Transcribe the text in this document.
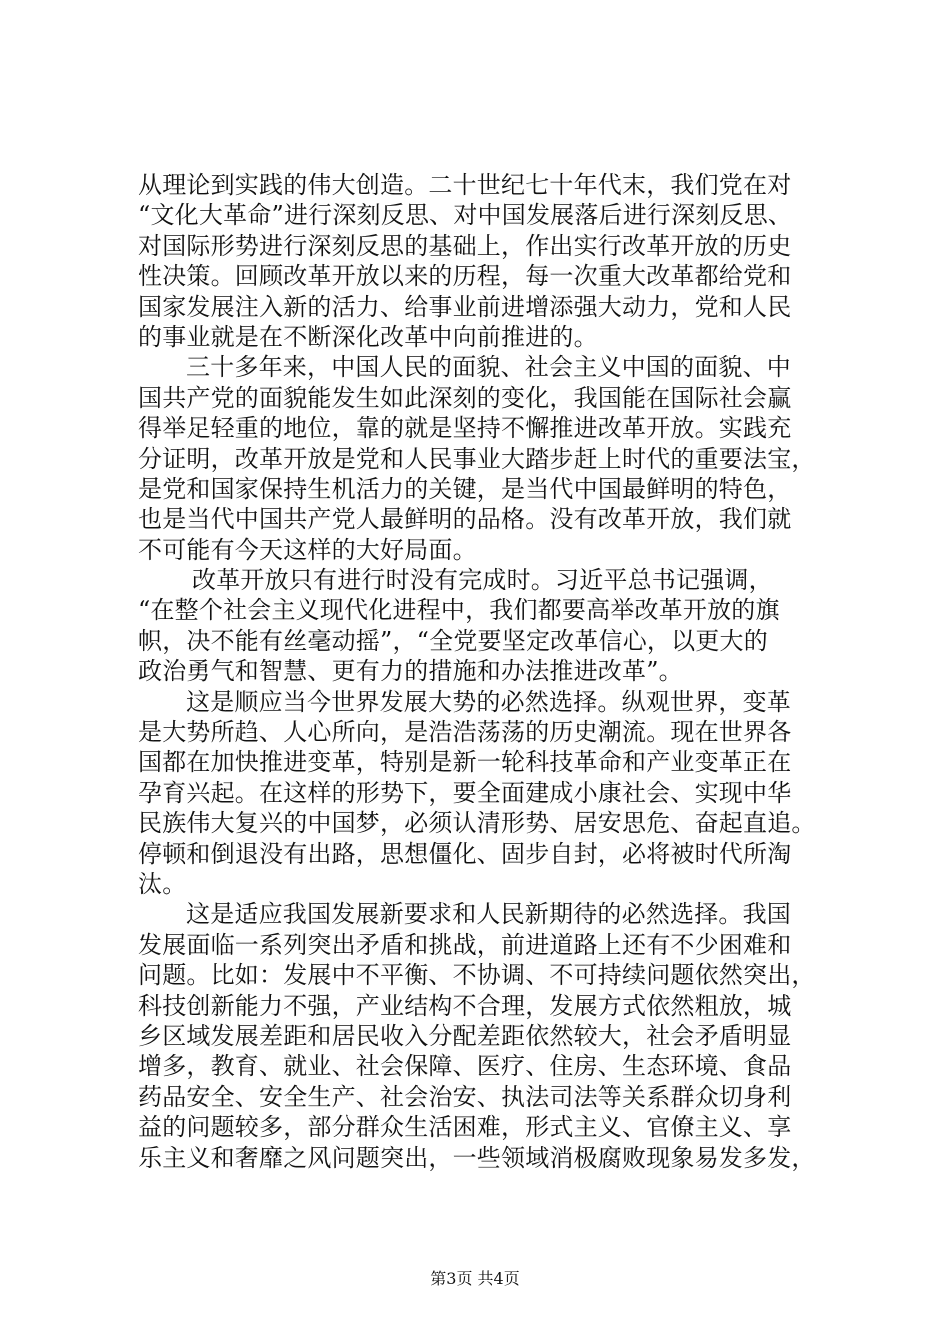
从理论到实践的伟大创造。二十世纪七十年代末，我们党在对
“文化大革命”进行深刻反思、对中国发展落后进行深刻反思、
对国际形势进行深刻反思的基础上，作出实行改革开放的历史
性决策。回顾改革开放以来的历程，每一次重大改革都给党和
国家发展注入新的活力、给事业前进增添强大动力，党和人民
的事业就是在不断深化改革中向前推进的。
三十多年来，中国人民的面貌、社会主义中国的面貌、中
国共产党的面貌能发生如此深刻的变化，我国能在国际社会赢
得举足轻重的地位，靠的就是坚持不懈推进改革开放。实践充
分证明，改革开放是党和人民事业大踏步赶上时代的重要法宝，
是党和国家保持生机活力的关键，是当代中国最鲜明的特色，
也是当代中国共产党人最鲜明的品格。没有改革开放，我们就
不可能有今天这样的大好局面。
改革开放只有进行时没有完成时。习近平总书记强调，
“在整个社会主义现代化进程中，我们都要高举改革开放的旗
帜，决不能有丝毫动摇”，“全党要坚定改革信心，以更大的
政治勇气和智慧、更有力的措施和办法推进改革”。
这是顺应当今世界发展大势的必然选择。纵观世界，变革
是大势所趋、人心所向，是浩浩荡荡的历史潮流。现在世界各
国都在加快推进变革，特别是新一轮科技革命和产业变革正在
孕育兴起。在这样的形势下，要全面建成小康社会、实现中华
民族伟大复兴的中国梦，必须认清形势、居安思危、奋起直追。
停顿和倒退没有出路，思想僵化、固步自封，必将被时代所淘
汰。
这是适应我国发展新要求和人民新期待的必然选择。我国
发展面临一系列突出矛盾和挑战，前进道路上还有不少困难和
问题。比如：发展中不平衡、不协调、不可持续问题依然突出，
科技创新能力不强，产业结构不合理，发展方式依然粗放，城
乡区域发展差距和居民收入分配差距依然较大，社会矛盾明显
增多，教育、就业、社会保障、医疗、住房、生态环境、食品
药品安全、安全生产、社会治安、执法司法等关系群众切身利
益的问题较多，部分群众生活困难，形式主义、官僚主义、享
乐主义和奢靡之风问题突出，一些领域消极腐败现象易发多发，
第3页 共4页
